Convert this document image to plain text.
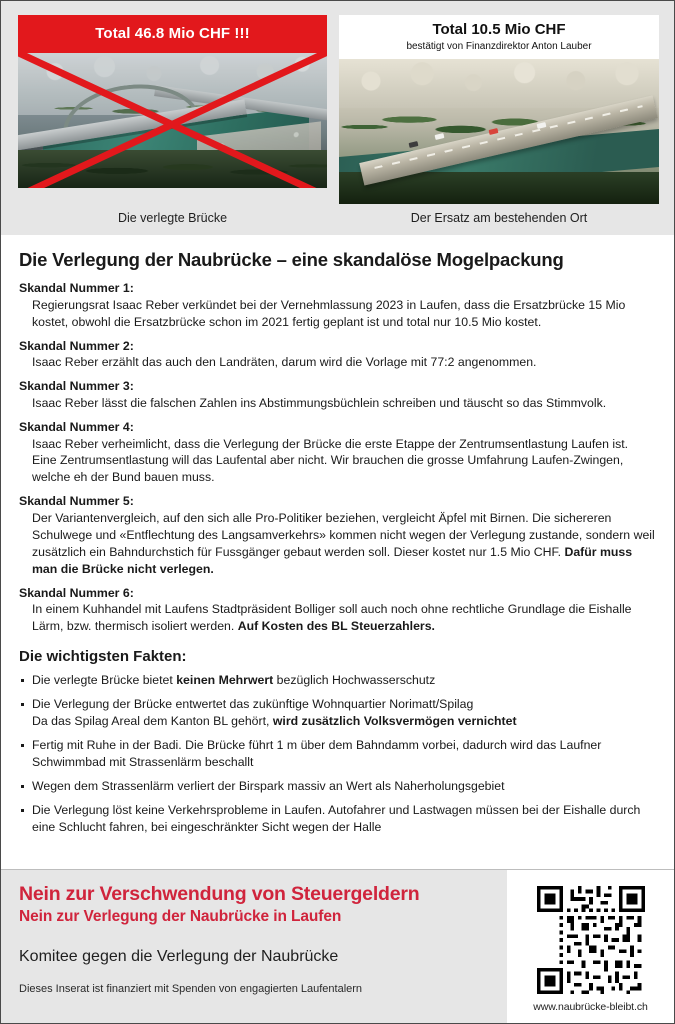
Total 46.8 Mio CHF !!!	Total 10.5 Mio CHF
bestätigt von Finanzdirektor Anton Lauber
Die verlegte Brücke	Der Ersatz am bestehenden Ort
Die Verlegung der Naubrücke – eine skandalöse Mogelpackung
Skandal Nummer 1:
Regierungsrat Isaac Reber verkündet bei der Vernehmlassung 2023 in Laufen, dass die Ersatzbrücke 15 Mio kostet, obwohl die Ersatzbrücke schon im 2021 fertig geplant ist und total nur 10.5 Mio kostet.
Skandal Nummer 2:
Isaac Reber erzählt das auch den Landräten, darum wird die Vorlage mit 77:2 angenommen.
Skandal Nummer 3:
Isaac Reber lässt die falschen Zahlen ins Abstimmungsbüchlein schreiben und täuscht so das Stimmvolk.
Skandal Nummer 4:
Isaac Reber verheimlicht, dass die Verlegung der Brücke die erste Etappe der Zentrumsentlastung Laufen ist. Eine Zentrumsentlastung will das Laufental aber nicht. Wir brauchen die grosse Umfahrung Laufen-Zwingen, welche eh der Bund bauen muss.
Skandal Nummer 5:
Der Variantenvergleich, auf den sich alle Pro-Politiker beziehen, vergleicht Äpfel mit Birnen. Die sichereren Schulwege und «Entflechtung des Langsamverkehrs» kommen nicht wegen der Verlegung zustande, sondern weil zusätzlich ein Bahndurchstich für Fussgänger gebaut werden soll. Dieser kostet nur 1.5 Mio CHF. Dafür muss man die Brücke nicht verlegen.
Skandal Nummer 6:
In einem Kuhhandel mit Laufens Stadtpräsident Bolliger soll auch noch ohne rechtliche Grundlage die Eishalle Lärm, bzw. thermisch isoliert werden. Auf Kosten des BL Steuerzahlers.
Die wichtigsten Fakten:
Die verlegte Brücke bietet keinen Mehrwert bezüglich Hochwasserschutz
Die Verlegung der Brücke entwertet das zukünftige Wohnquartier Norimatt/Spilag
Da das Spilag Areal dem Kanton BL gehört, wird zusätzlich Volksvermögen vernichtet
Fertig mit Ruhe in der Badi. Die Brücke führt 1 m über dem Bahndamm vorbei, dadurch wird das Laufner Schwimmbad mit Strassenlärm beschallt
Wegen dem Strassenlärm verliert der Birspark massiv an Wert als Naherholungsgebiet
Die Verlegung löst keine Verkehrsprobleme in Laufen. Autofahrer und Lastwagen müssen bei der Eishalle durch eine Schlucht fahren, bei eingeschränkter Sicht wegen der Halle
Nein zur Verschwendung von Steuergeldern
Nein zur Verlegung der Naubrücke in Laufen
Komitee gegen die Verlegung der Naubrücke
Dieses Inserat ist finanziert mit Spenden von engagierten Laufentalern
www.naubrücke-bleibt.ch
